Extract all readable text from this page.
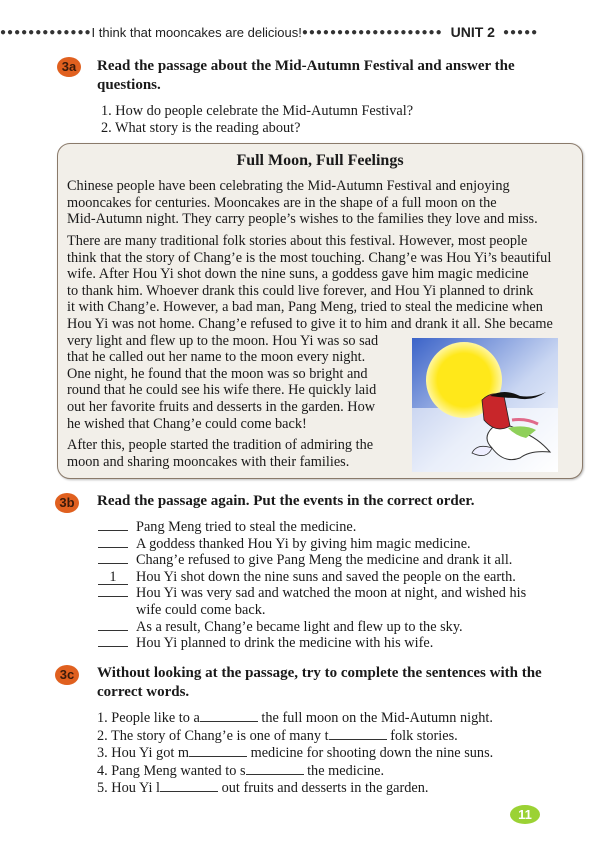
●●●●●●●●●●●●●I think that mooncakes are delicious!●●●●●●●●●●●●●●●●●●●● UNIT 2 ●●●●●
3a	Read the passage about the Mid-Autumn Festival and answer the
questions.
1. How do people celebrate the Mid-Autumn Festival?
2. What story is the reading about?
Full Moon, Full Feelings
Chinese people have been celebrating the Mid-Autumn Festival and enjoying
mooncakes for centuries. Mooncakes are in the shape of a full moon on the
Mid-Autumn night. They carry people’s wishes to the families they love and miss.
There are many traditional folk stories about this festival. However, most people
think that the story of Chang’e is the most touching. Chang’e was Hou Yi’s beautiful
wife. After Hou Yi shot down the nine suns, a goddess gave him magic medicine
to thank him. Whoever drank this could live forever, and Hou Yi planned to drink
it with Chang’e. However, a bad man, Pang Meng, tried to steal the medicine when
Hou Yi was not home. Chang’e refused to give it to him and drank it all. She became
very light and flew up to the moon. Hou Yi was so sad
that he called out her name to the moon every night.
One night, he found that the moon was so bright and
round that he could see his wife there. He quickly laid
out her favorite fruits and desserts in the garden. How
he wished that Chang’e could come back!
After this, people started the tradition of admiring the
moon and sharing mooncakes with their families.
3b Read the passage again. Put the events in the correct order.
Pang Meng tried to steal the medicine.
A goddess thanked Hou Yi by giving him magic medicine.
Chang’e refused to give Pang Meng the medicine and drank it all.
1 Hou Yi shot down the nine suns and saved the people on the earth.
Hou Yi was very sad and watched the moon at night, and wished his
wife could come back.
As a result, Chang’e became light and flew up to the sky.
Hou Yi planned to drink the medicine with his wife.
3c	Without looking at the passage, try to complete the sentences with the
correct words.
1. People like to a	the full moon on the Mid-Autumn night.
2. The story of Chang’e is one of many t	folk stories.
3. Hou Yi got m	medicine for shooting down the nine suns.
4. Pang Meng wanted to s	the medicine.
5. Hou Yi l	out fruits and desserts in the garden.
11
